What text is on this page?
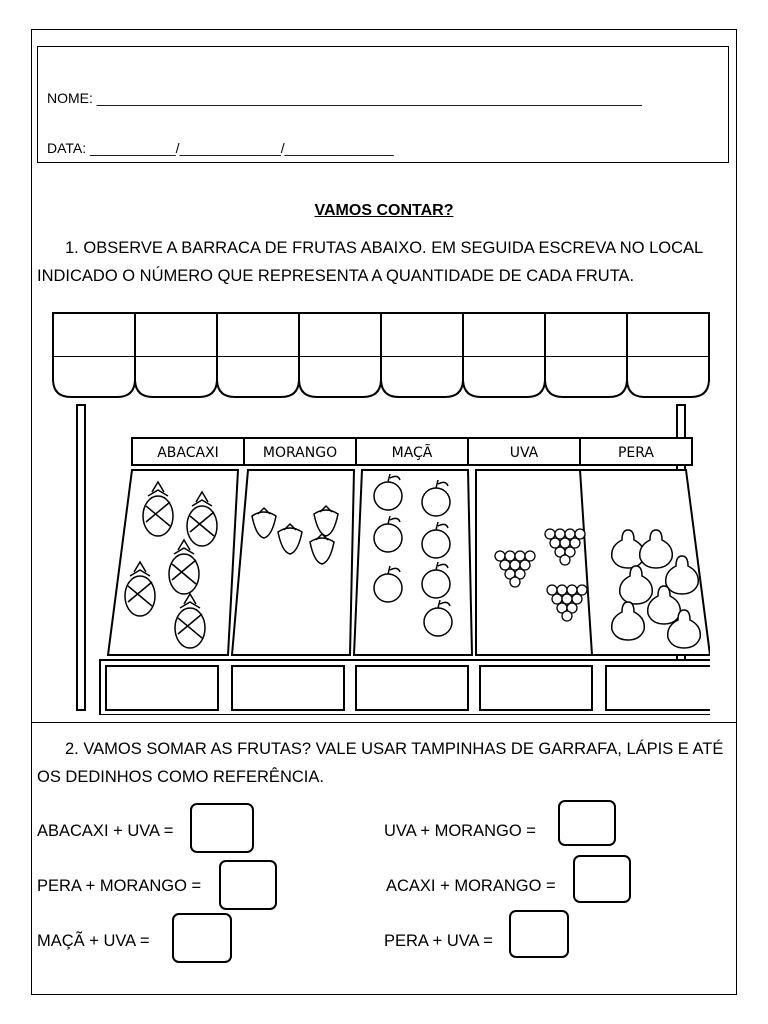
NOME: ______________________________________________________________________
DATA: ___________/_____________/______________
VAMOS CONTAR?
1. OBSERVE A BARRACA DE FRUTAS ABAIXO. EM SEGUIDA ESCREVA NO LOCAL INDICADO O NÚMERO QUE REPRESENTA A QUANTIDADE DE CADA FRUTA.
ABACAXI	MORANGO	MAÇÃ	UVA	PERA
2. VAMOS SOMAR AS FRUTAS? VALE USAR TAMPINHAS DE GARRAFA, LÁPIS E ATÉ OS DEDINHOS COMO REFERÊNCIA.
ABACAXI + UVA =
PERA + MORANGO =
MAÇÃ + UVA =
UVA + MORANGO =
ACAXI + MORANGO =
PERA + UVA =
